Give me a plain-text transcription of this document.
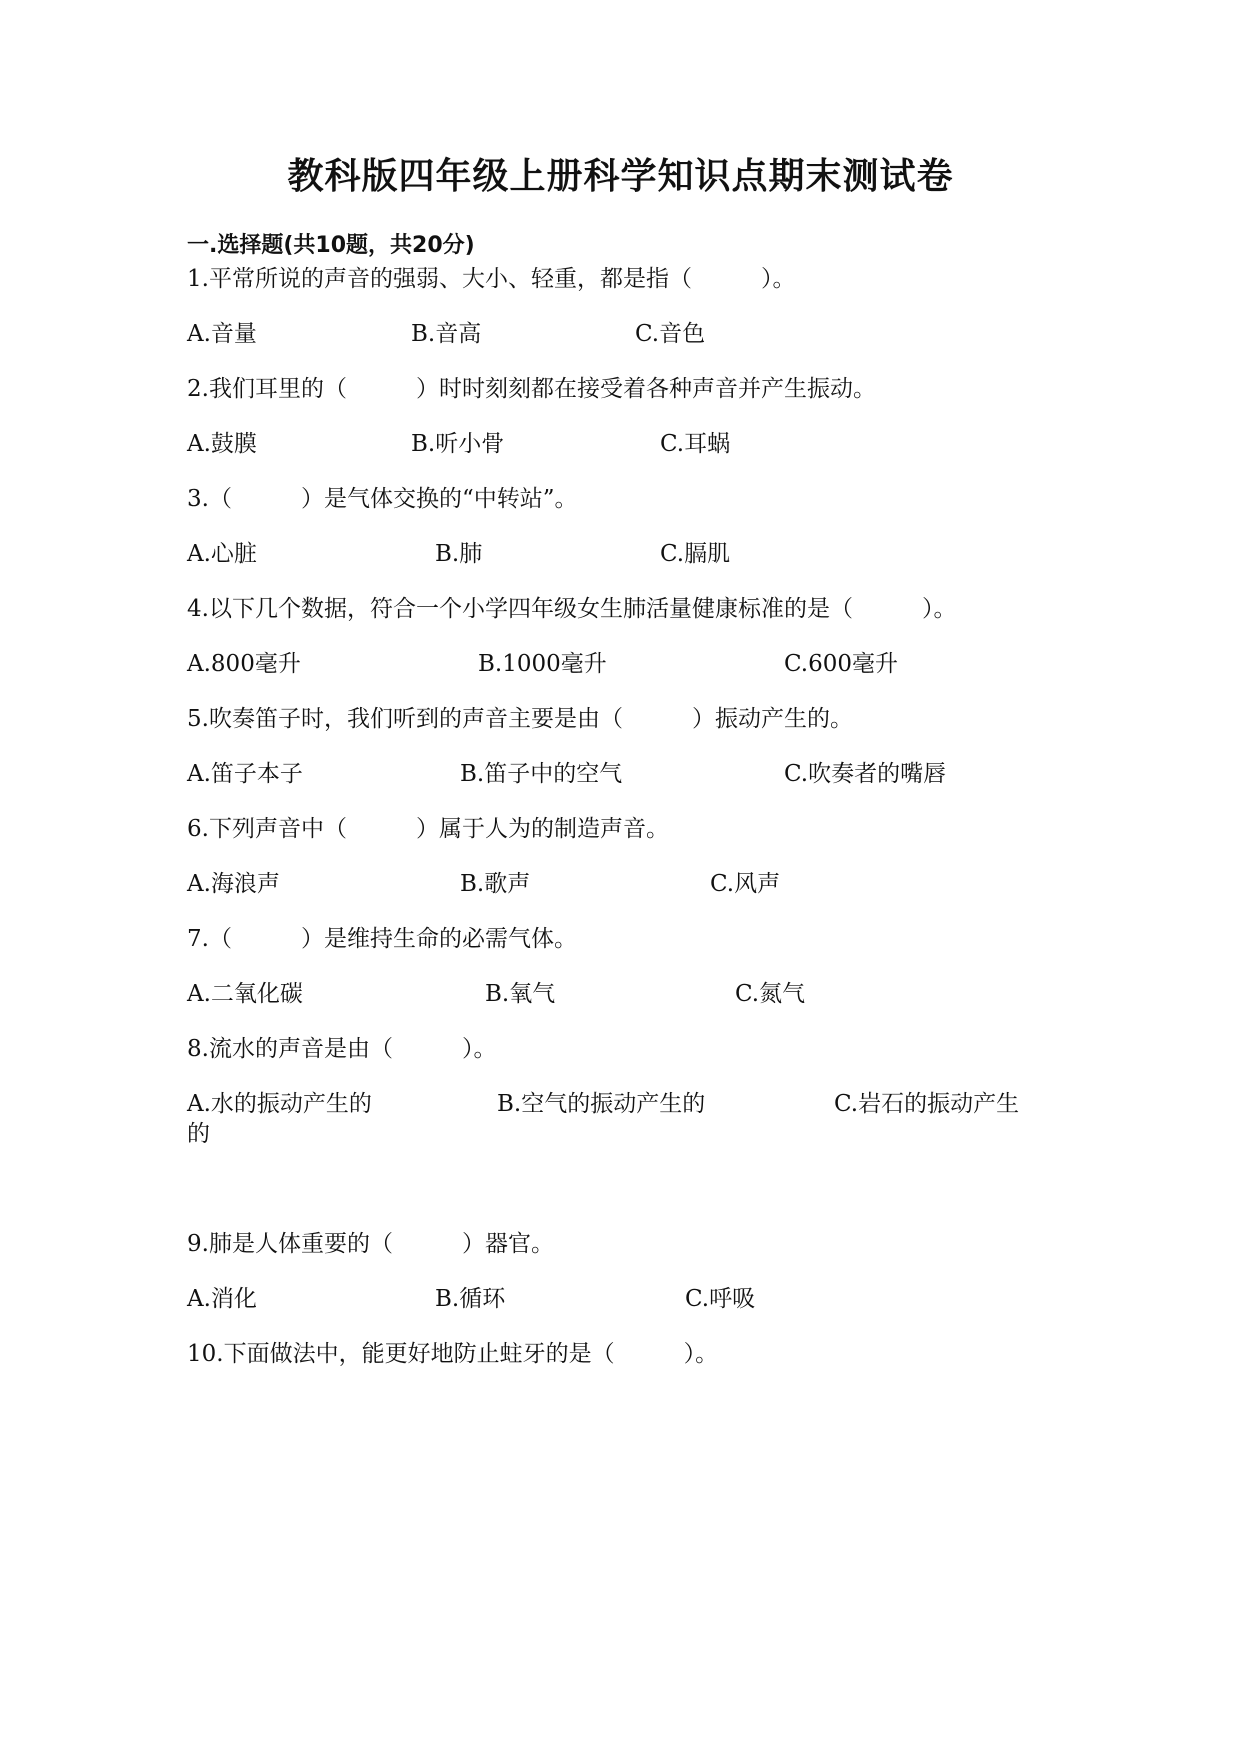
教科版四年级上册科学知识点期末测试卷
一.选择题(共10题，共20分)
1.平常所说的声音的强弱、大小、轻重，都是指（　　　）。
A.音量	B.音高	C.音色
2.我们耳里的（　　　）时时刻刻都在接受着各种声音并产生振动。
A.鼓膜	B.听小骨	C.耳蜗
3.（　　　）是气体交换的“中转站”。
A.心脏	B.肺	C.膈肌
4.以下几个数据，符合一个小学四年级女生肺活量健康标准的是（　　　）。
A.800毫升	B.1000毫升	C.600毫升
5.吹奏笛子时，我们听到的声音主要是由（　　　）振动产生的。
A.笛子本子	B.笛子中的空气	C.吹奏者的嘴唇
6.下列声音中（　　　）属于人为的制造声音。
A.海浪声	B.歌声	C.风声
7.（　　　）是维持生命的必需气体。
A.二氧化碳	B.氧气	C.氮气
8.流水的声音是由（　　　）。
A.水的振动产生的	B.空气的振动产生的	C.岩石的振动产生
的
9.肺是人体重要的（　　　）器官。
A.消化	B.循环	C.呼吸
10.下面做法中，能更好地防止蛀牙的是（　　　）。
